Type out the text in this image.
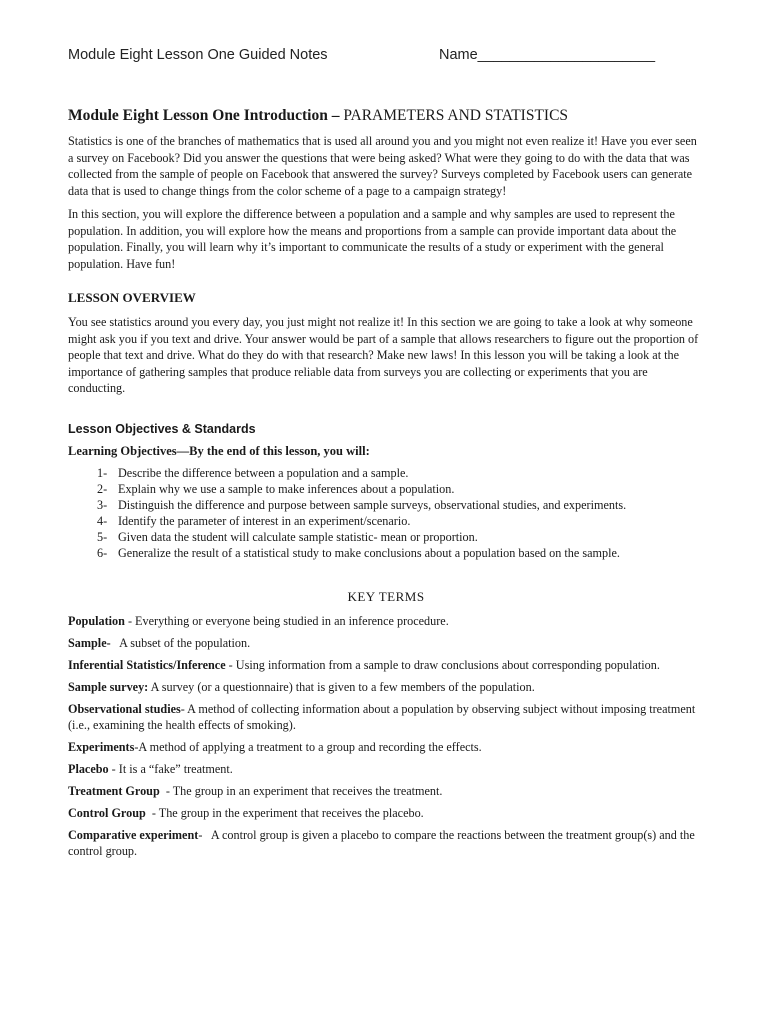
Module Eight Lesson One Guided Notes	Name______________________
Module Eight Lesson One Introduction – PARAMETERS AND STATISTICS

Statistics is one of the branches of mathematics that is used all around you and you might not even realize it! Have you ever seen a survey on Facebook? Did you answer the questions that were being asked? What were they going to do with the data that was collected from the sample of people on Facebook that answered the survey? Surveys completed by Facebook users can generate data that is used to change things from the color scheme of a page to a campaign strategy!

In this section, you will explore the difference between a population and a sample and why samples are used to represent the population. In addition, you will explore how the means and proportions from a sample can provide important data about the population. Finally, you will learn why it’s important to communicate the results of a study or experiment with the general population. Have fun!

LESSON OVERVIEW

You see statistics around you every day, you just might not realize it! In this section we are going to take a look at why someone might ask you if you text and drive. Your answer would be part of a sample that allows researchers to figure out the proportion of people that text and drive. What do they do with that research? Make new laws! In this lesson you will be taking a look at the importance of gathering samples that produce reliable data from surveys you are collecting or experiments that you are conducting.

Lesson Objectives & Standards
Learning Objectives—By the end of this lesson, you will:
1- Describe the difference between a population and a sample.
2- Explain why we use a sample to make inferences about a population.
3- Distinguish the difference and purpose between sample surveys, observational studies, and experiments.
4- Identify the parameter of interest in an experiment/scenario.
5- Given data the student will calculate sample statistic- mean or proportion.
6- Generalize the result of a statistical study to make conclusions about a population based on the sample.
KEY TERMS
Population - Everything or everyone being studied in an inference procedure.
Sample-   A subset of the population.
Inferential Statistics/Inference - Using information from a sample to draw conclusions about corresponding population.
Sample survey: A survey (or a questionnaire) that is given to a few members of the population.
Observational studies- A method of collecting information about a population by observing subject without imposing treatment (i.e., examining the health effects of smoking).
Experiments-A method of applying a treatment to a group and recording the effects.
Placebo - It is a “fake” treatment.
Treatment Group  - The group in an experiment that receives the treatment.
Control Group  - The group in the experiment that receives the placebo.
Comparative experiment-   A control group is given a placebo to compare the reactions between the treatment group(s) and the control group.
